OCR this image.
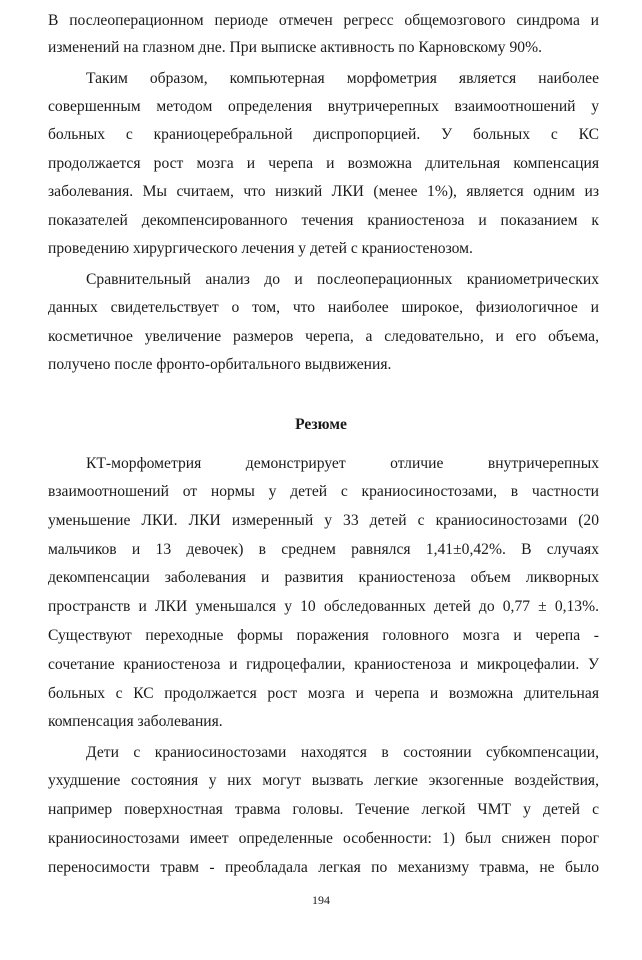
В послеоперационном периоде отмечен регресс общемозгового синдрома и

изменений на глазном дне. При выписке активность по Карновскому 90%.

Таким образом, компьютерная морфометрия является наиболее

совершенным методом определения внутричерепных взаимоотношений у

больных с краниоцеребральной диспропорцией. У больных с КС

продолжается рост мозга и черепа и возможна длительная компенсация

заболевания. Мы считаем, что низкий ЛКИ (менее 1%), является одним из

показателей декомпенсированного течения краниостеноза и показанием к

проведению хирургического лечения у детей с краниостенозом.

Сравнительный анализ до и послеоперационных краниометрических

данных свидетельствует о том, что наиболее широкое, физиологичное и

косметичное увеличение размеров черепа, а следовательно, и его объема,

получено после фронто-орбитального выдвижения.

Резюме

КТ-морфометрия демонстрирует отличие внутричерепных

взаимоотношений от нормы у детей с краниосиностозами, в частности

уменьшение ЛКИ. ЛКИ измеренный у 33 детей с краниосиностозами (20

мальчиков и 13 девочек) в среднем равнялся 1,41±0,42%. В случаях

декомпенсации заболевания и развития краниостеноза объем ликворных

пространств и ЛКИ уменьшался у 10 обследованных детей до 0,77 ± 0,13%.

Существуют переходные формы поражения головного мозга и черепа -

сочетание краниостеноза и гидроцефалии, краниостеноза и микроцефалии. У

больных с КС продолжается рост мозга и черепа и возможна длительная

компенсация заболевания.

Дети с краниосиностозами находятся в состоянии субкомпенсации,

ухудшение состояния у них могут вызвать легкие экзогенные воздействия,

например поверхностная травма головы. Течение легкой ЧМТ у детей с

краниосиностозами имеет определенные особенности: 1) был снижен порог

переносимости травм - преобладала легкая по механизму травма, не было

194
